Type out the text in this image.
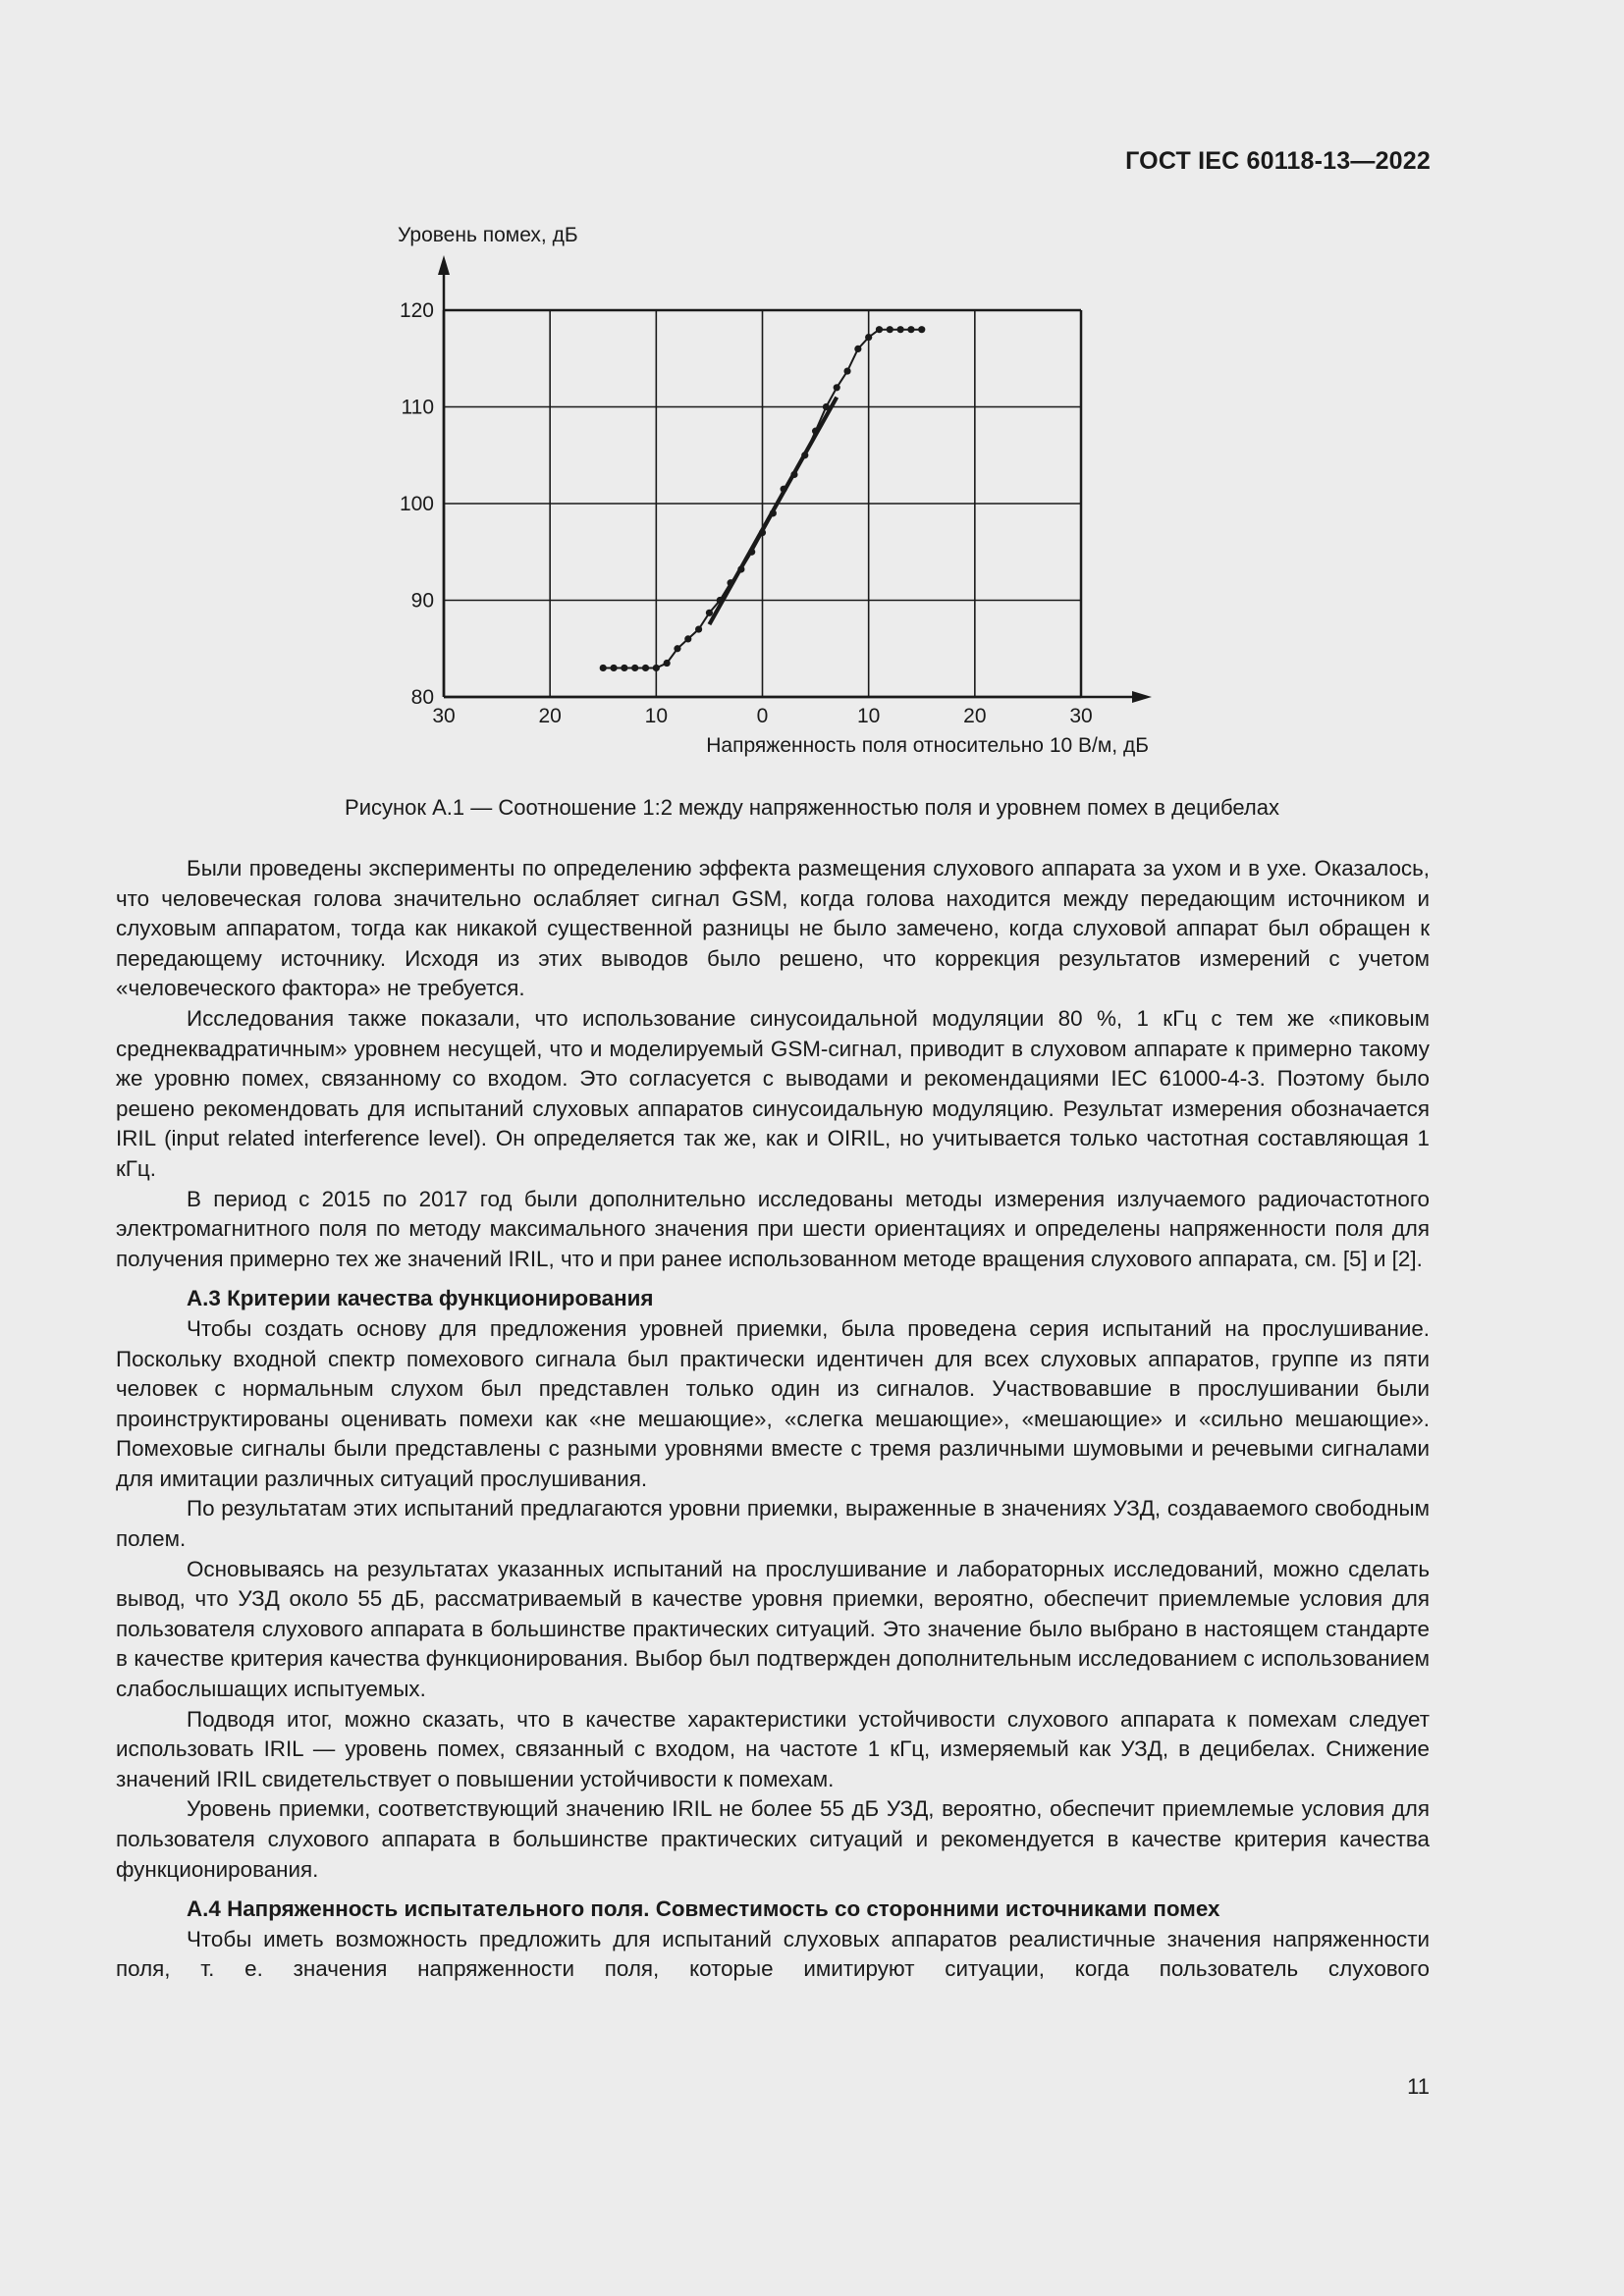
ГОСТ IEC 60118-13—2022
30	20	10	0	10	20	30
80
90
100
110
120
Уровень помех, дБ
Напряженность поля относительно 10 В/м, дБ
Рисунок А.1 — Соотношение 1:2 между напряженностью поля и уровнем помех в децибелах

Были проведены эксперименты по определению эффекта размещения слухового аппарата за ухом и в ухе. Оказалось, что человеческая голова значительно ослабляет сигнал GSM, когда голова находится между передающим источником и слуховым аппаратом, тогда как никакой существенной разницы не было замечено, когда слуховой аппарат был обращен к передающему источнику. Исходя из этих выводов было решено, что коррекция результатов измерений с учетом «человеческого фактора» не требуется.

Исследования также показали, что использование синусоидальной модуляции 80 %, 1 кГц с тем же «пиковым среднеквадратичным» уровнем несущей, что и моделируемый GSM-сигнал, приводит в слуховом аппарате к примерно такому же уровню помех, связанному со входом. Это согласуется с выводами и рекомендациями IEC 61000-4-3. Поэтому было решено рекомендовать для испытаний слуховых аппаратов синусоидальную модуляцию. Результат измерения обозначается IRIL (input related interference level). Он определяется так же, как и OIRIL, но учитывается только частотная составляющая 1 кГц.

В период с 2015 по 2017 год были дополнительно исследованы методы измерения излучаемого радиочастотного электромагнитного поля по методу максимального значения при шести ориентациях и определены напряженности поля для получения примерно тех же значений IRIL, что и при ранее использованном методе вращения слухового аппарата, см. [5] и [2].

А.3 Критерии качества функционирования

Чтобы создать основу для предложения уровней приемки, была проведена серия испытаний на прослушивание. Поскольку входной спектр помехового сигнала был практически идентичен для всех слуховых аппаратов, группе из пяти человек с нормальным слухом был представлен только один из сигналов. Участвовавшие в прослушивании были проинструктированы оценивать помехи как «не мешающие», «слегка мешающие», «мешающие» и «сильно мешающие». Помеховые сигналы были представлены с разными уровнями вместе с тремя различными шумовыми и речевыми сигналами для имитации различных ситуаций прослушивания.

По результатам этих испытаний предлагаются уровни приемки, выраженные в значениях УЗД, создаваемого свободным полем.

Основываясь на результатах указанных испытаний на прослушивание и лабораторных исследований, можно сделать вывод, что УЗД около 55 дБ, рассматриваемый в качестве уровня приемки, вероятно, обеспечит приемлемые условия для пользователя слухового аппарата в большинстве практических ситуаций. Это значение было выбрано в настоящем стандарте в качестве критерия качества функционирования. Выбор был подтвержден дополнительным исследованием с использованием слабослышащих испытуемых.

Подводя итог, можно сказать, что в качестве характеристики устойчивости слухового аппарата к помехам следует использовать IRIL — уровень помех, связанный с входом, на частоте 1 кГц, измеряемый как УЗД, в децибелах. Снижение значений IRIL свидетельствует о повышении устойчивости к помехам.

Уровень приемки, соответствующий значению IRIL не более 55 дБ УЗД, вероятно, обеспечит приемлемые условия для пользователя слухового аппарата в большинстве практических ситуаций и рекомендуется в качестве критерия качества функционирования.

А.4 Напряженность испытательного поля. Совместимость со сторонними источниками помех

Чтобы иметь возможность предложить для испытаний слуховых аппаратов реалистичные значения напряженности поля, т. е. значения напряженности поля, которые имитируют ситуации, когда пользователь слухового

11
